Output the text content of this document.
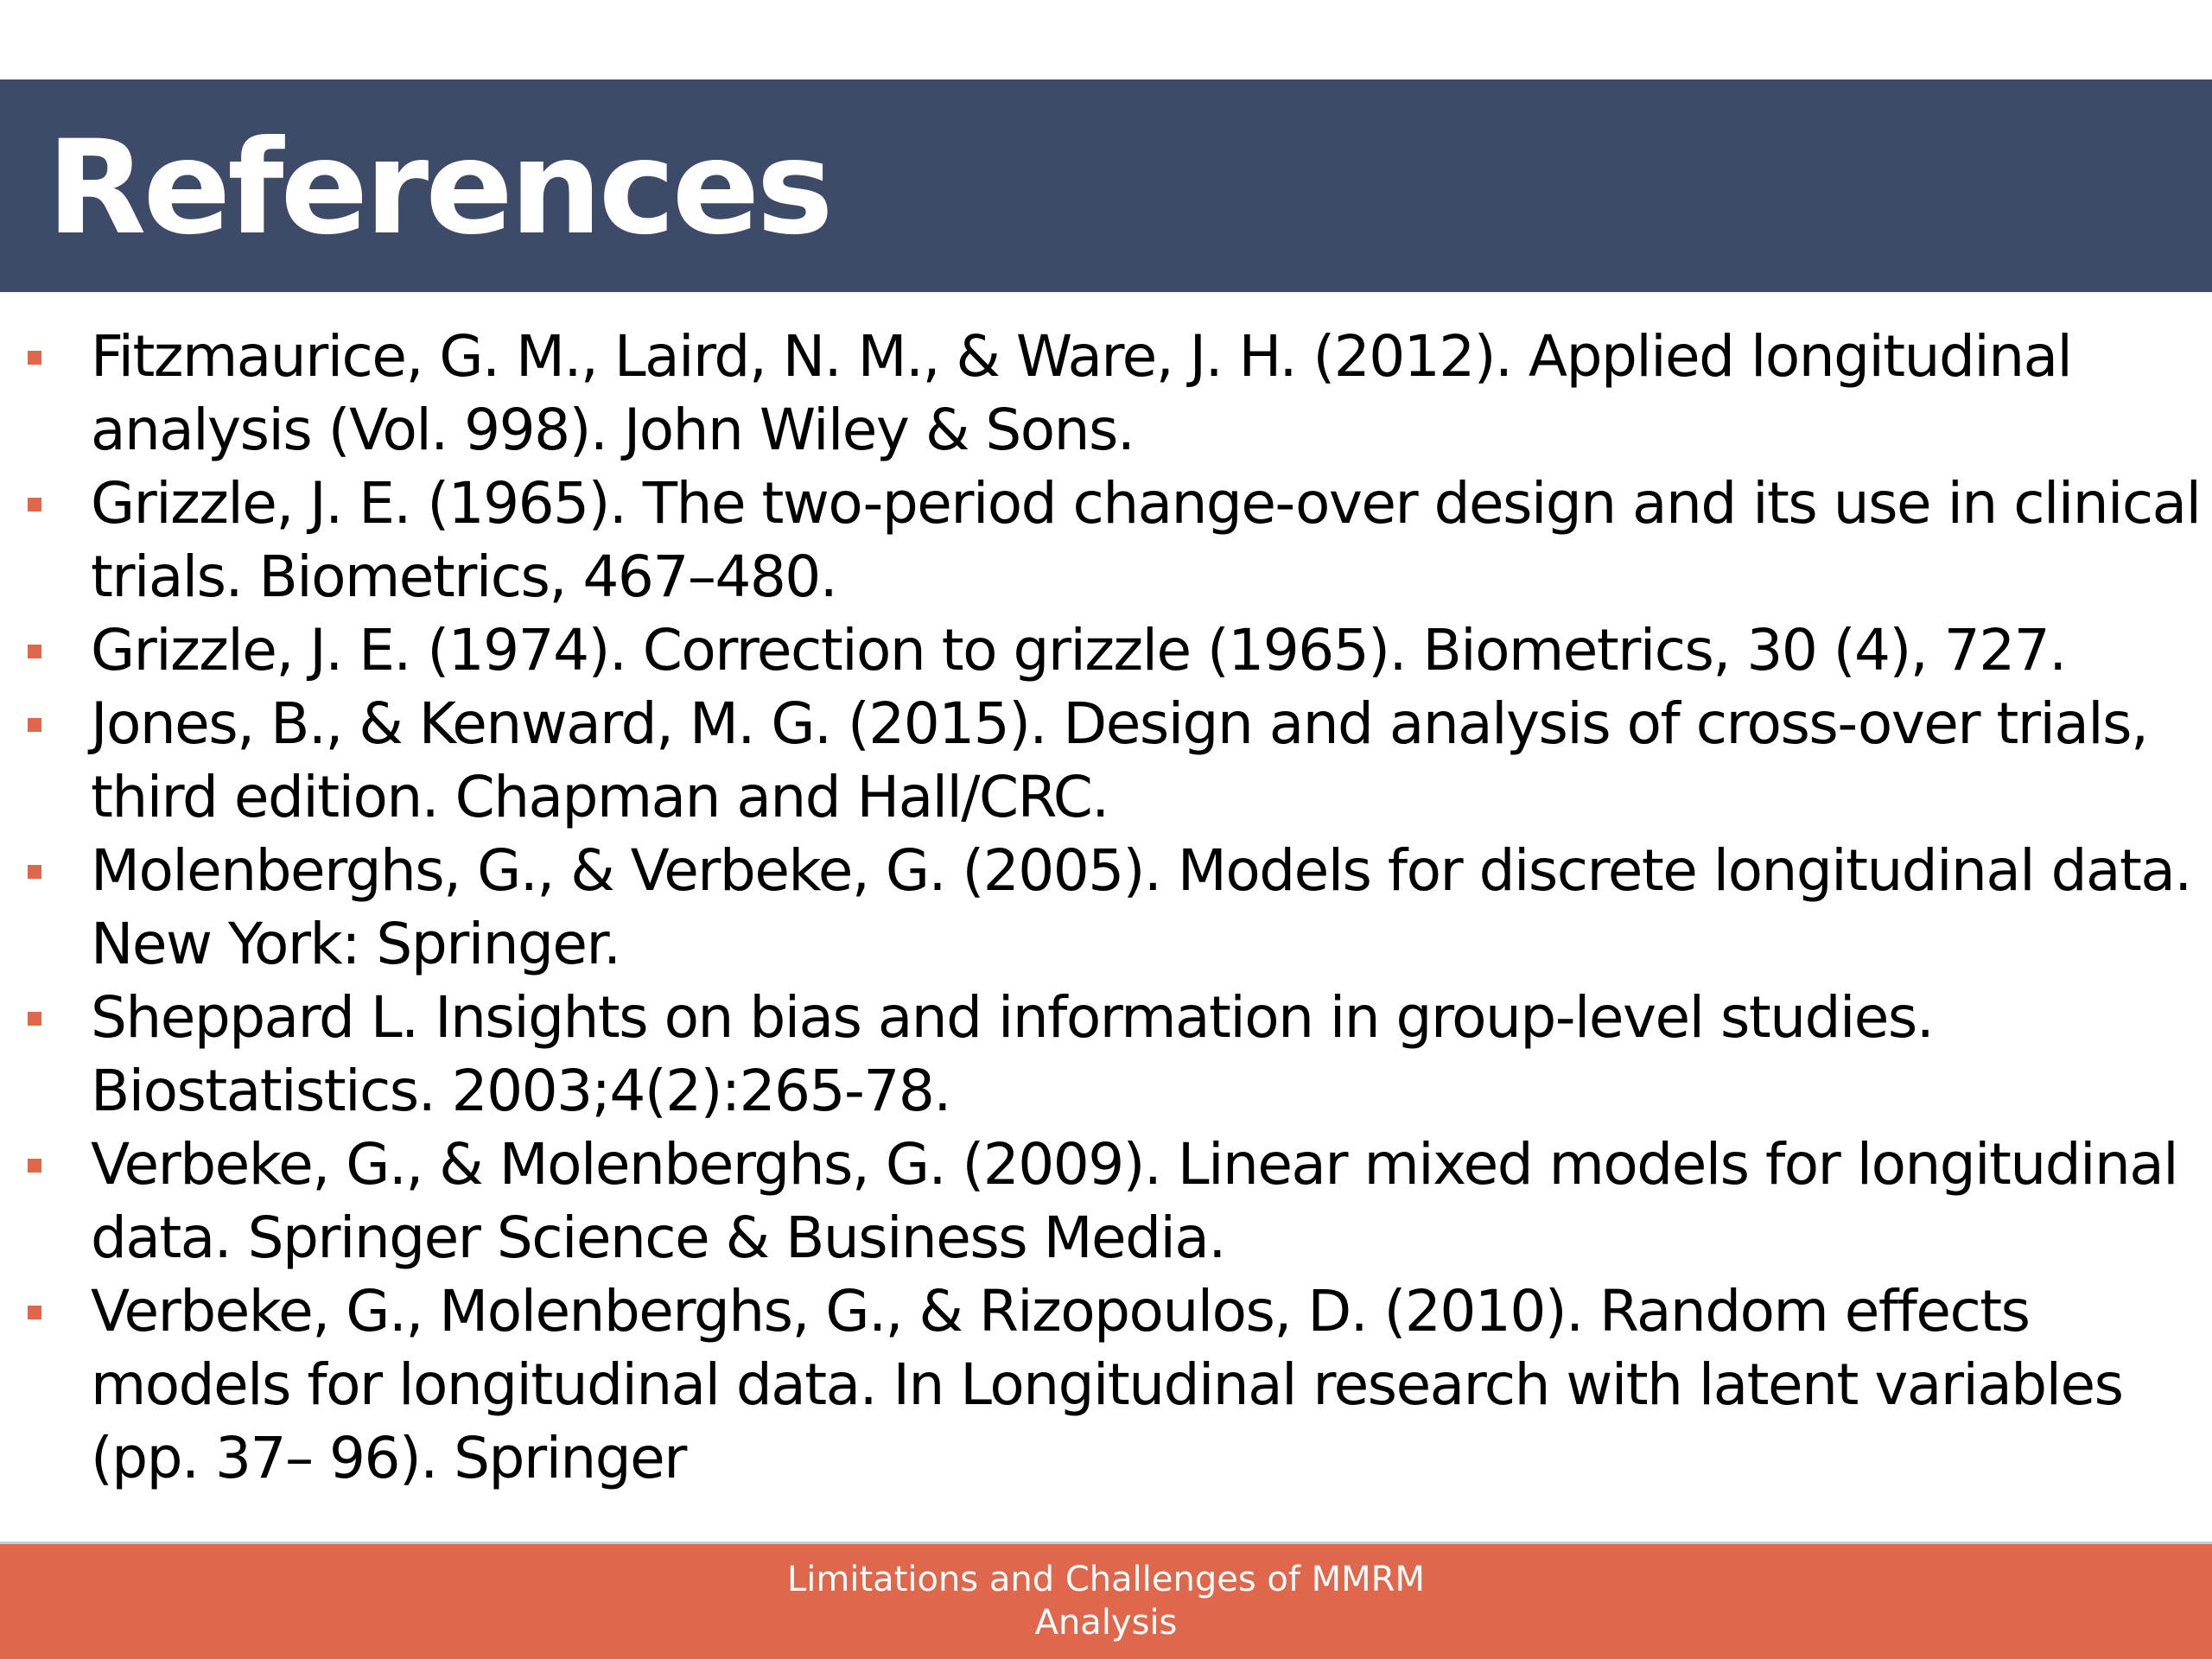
References
Fitzmaurice, G. M., Laird, N. M., & Ware, J. H. (2012). Applied longitudinal analysis (Vol. 998). John Wiley & Sons.
Grizzle, J. E. (1965). The two-period change-over design and its use in clinical trials. Biometrics, 467–480.
Grizzle, J. E. (1974). Correction to grizzle (1965). Biometrics, 30 (4), 727.
Jones, B., & Kenward, M. G. (2015). Design and analysis of cross-over trials, third edition. Chapman and Hall/CRC.
Molenberghs, G., & Verbeke, G. (2005). Models for discrete longitudinal data. New York: Springer.
Sheppard L. Insights on bias and information in group-level studies. Biostatistics. 2003;4(2):265-78.
Verbeke, G., & Molenberghs, G. (2009). Linear mixed models for longitudinal data. Springer Science & Business Media.
Verbeke, G., Molenberghs, G., & Rizopoulos, D. (2010). Random effects models for longitudinal data. In Longitudinal research with latent variables (pp. 37– 96). Springer
Limitations and Challenges of MMRM
Analysis
